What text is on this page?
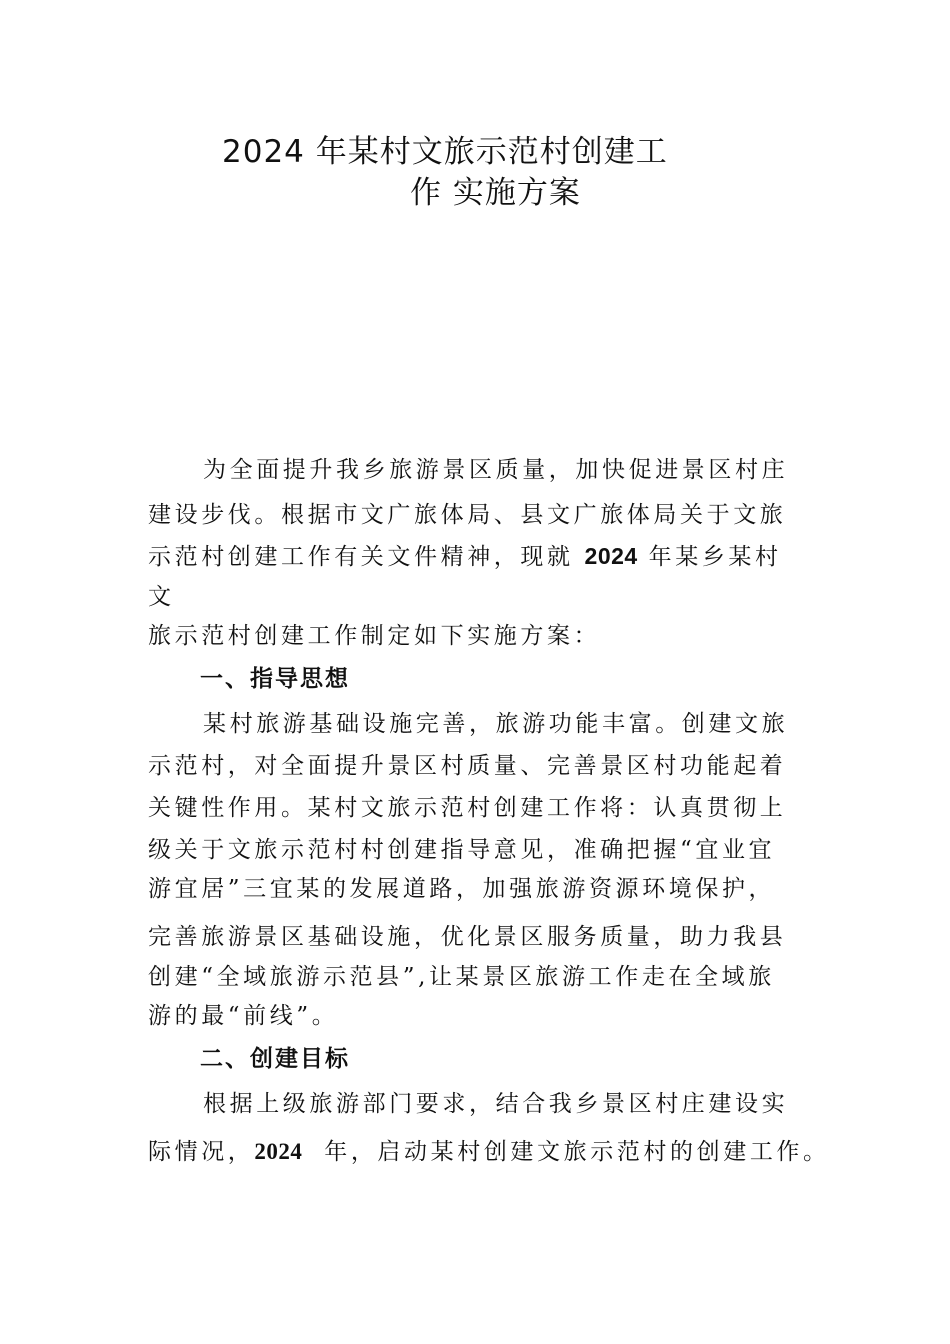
2024 年某村文旅示范村创建工
作 实施方案
为全面提升我乡旅游景区质量，加快促进景区村庄
建设步伐。根据市文广旅体局、县文广旅体局关于文旅
示范村创建工作有关文件精神，现就 2024 年某乡某村
文
旅示范村创建工作制定如下实施方案：
一、指导思想
某村旅游基础设施完善，旅游功能丰富。创建文旅
示范村，对全面提升景区村质量、完善景区村功能起着
关键性作用。某村文旅示范村创建工作将：认真贯彻上
级关于文旅示范村村创建指导意见，准确把握“宜业宜
游宜居”三宜某的发展道路，加强旅游资源环境保护，
完善旅游景区基础设施，优化景区服务质量，助力我县
创建“全域旅游示范县”,让某景区旅游工作走在全域旅
游的最“前线”。
二、创建目标
根据上级旅游部门要求，结合我乡景区村庄建设实
际情况，2024 年，启动某村创建文旅示范村的创建工作。
